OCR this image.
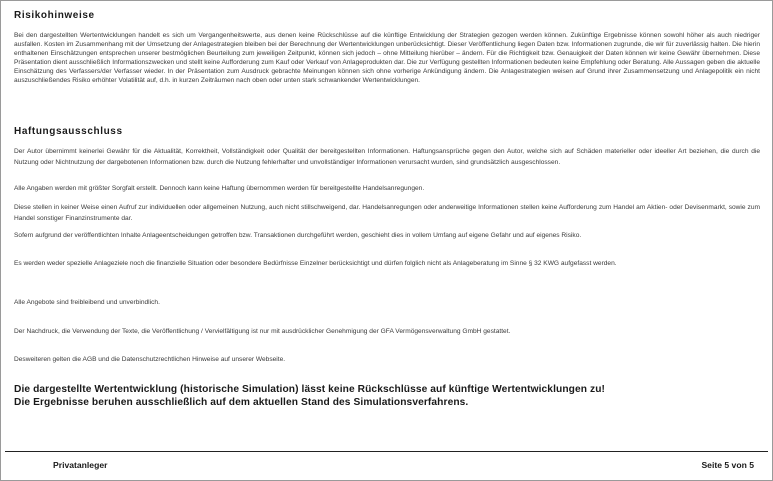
Risikohinweise
Bei den dargestellten Wertentwicklungen handelt es sich um Vergangenheitswerte, aus denen keine Rückschlüsse auf die künftige Entwicklung der Strategien gezogen werden können. Zukünftige Ergebnisse können sowohl höher als auch niedriger ausfallen. Kosten im Zusammenhang mit der Umsetzung der Anlagestrategien bleiben bei der Berechnung der Wertentwicklungen unberücksichtigt. Dieser Veröffentlichung liegen Daten bzw. Informationen zugrunde, die wir für zuverlässig halten. Die hierin enthaltenen Einschätzungen entsprechen unserer bestmöglichen Beurteilung zum jeweiligen Zeitpunkt, können sich jedoch – ohne Mitteilung hierüber – ändern. Für die Richtigkeit bzw. Genauigkeit der Daten können wir keine Gewähr übernehmen. Diese Präsentation dient ausschließlich Informationszwecken und stellt keine Aufforderung zum Kauf oder Verkauf von Anlageprodukten dar. Die zur Verfügung gestellten Informationen bedeuten keine Empfehlung oder Beratung. Alle Aussagen geben die aktuelle Einschätzung des Verfassers/der Verfasser wieder. In der Präsentation zum Ausdruck gebrachte Meinungen können sich ohne vorherige Ankündigung ändern. Die Anlagestrategien weisen auf Grund ihrer Zusammensetzung und Anlagepolitik ein nicht auszuschließendes Risiko erhöhter Volatilität auf, d.h. in kurzen Zeiträumen nach oben oder unten stark schwankender Wertentwicklungen.
Haftungsausschluss
Der Autor übernimmt keinerlei Gewähr für die Aktualität, Korrektheit, Vollständigkeit oder Qualität der bereitgestellten Informationen. Haftungsansprüche gegen den Autor, welche sich auf Schäden materieller oder ideeller Art beziehen, die durch die Nutzung oder Nichtnutzung der dargebotenen Informationen bzw. durch die Nutzung fehlerhafter und unvollständiger Informationen verursacht wurden, sind grundsätzlich ausgeschlossen.
Alle Angaben werden mit größter Sorgfalt erstellt. Dennoch kann keine Haftung übernommen werden für bereitgestellte Handelsanregungen.
Diese stellen in keiner Weise einen Aufruf zur individuellen oder allgemeinen Nutzung, auch nicht stillschweigend, dar. Handelsanregungen oder anderweitige Informationen stellen keine Aufforderung zum Handel am Aktien- oder Devisenmarkt, sowie zum Handel sonstiger Finanzinstrumente dar.
Sofern aufgrund der veröffentlichten Inhalte Anlageentscheidungen getroffen bzw. Transaktionen durchgeführt werden, geschieht dies in vollem Umfang auf eigene Gefahr und auf eigenes Risiko.
Es werden weder spezielle Anlageziele noch die finanzielle Situation oder besondere Bedürfnisse Einzelner berücksichtigt und dürfen folglich nicht als Anlageberatung im Sinne § 32 KWG aufgefasst werden.
Alle Angebote sind freibleibend und unverbindlich.
Der Nachdruck, die Verwendung der Texte, die Veröffentlichung / Vervielfältigung ist nur mit ausdrücklicher Genehmigung der GFA Vermögensverwaltung GmbH gestattet.
Desweiteren gelten die AGB und die Datenschutzrechtlichen Hinweise auf unserer Webseite.
Die dargestellte Wertentwicklung (historische Simulation) lässt keine Rückschlüsse auf künftige Wertentwicklungen zu!
Die Ergebnisse beruhen ausschließlich auf dem aktuellen Stand des Simulationsverfahrens.
Privatanleger	Seite 5 von 5
